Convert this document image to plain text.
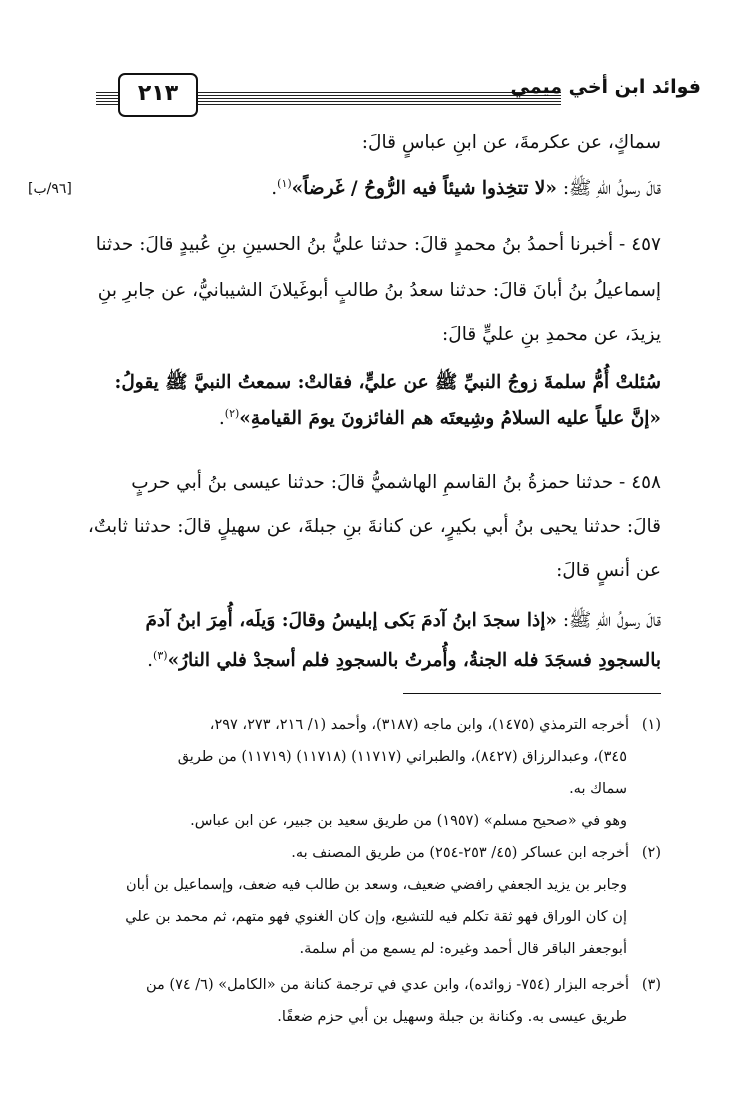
فوائد ابن أخي ميمي
٢١٣
[٩٦/ب]
سماكٍ، عن عكرمةَ، عن ابنِ عباسٍ قالَ:
قالَ رسولُ اللهِ ﷺ: «لا تتخِذوا شيئاً فيه الرُّوحُ / غَرضاً»$^{(١)}$.
٤٥٧ - أخبرنا أحمدُ بنُ محمدٍ قالَ: حدثنا عليُّ بنُ الحسينِ بنِ عُبيدٍ قالَ: حدثنا
إسماعيلُ بنُ أبانَ قالَ: حدثنا سعدُ بنُ طالبٍ أبوغَيلانَ الشيبانيُّ، عن جابرِ بنِ
يزيدَ، عن محمدِ بنِ عليٍّ قالَ:
سُئلتْ أُمُّ سلمةَ زوجُ النبيِّ ﷺ عن عليٍّ، فقالتْ: سمعتُ النبيَّ ﷺ يقولُ:
«إنَّ علياً عليه السلامُ وشِيعتَه هم الفائزونَ يومَ القيامةِ»$^{(٢)}$.
٤٥٨ - حدثنا حمزةُ بنُ القاسمِ الهاشميُّ قالَ: حدثنا عيسى بنُ أبي حربٍ
قالَ: حدثنا يحيى بنُ أبي بكيرٍ، عن كنانةَ بنِ جبلةَ، عن سهيلٍ قالَ: حدثنا ثابتٌ،
عن أنسٍ قالَ:
قالَ رسولُ اللهِ ﷺ: «إذا سجدَ ابنُ آدمَ بَكى إبليسُ وقالَ: وَيلَه، أُمِرَ ابنُ آدمَ
بالسجودِ فسجَدَ فله الجنةُ، وأُمرتُ بالسجودِ فلم أسجدْ فلي النارُ»$^{(٣)}$.
(١)أخرجه الترمذي (١٤٧٥)، وابن ماجه (٣١٨٧)، وأحمد (١/ ٢١٦، ٢٧٣، ٢٩٧،
٣٤٥)، وعبدالرزاق (٨٤٢٧)، والطبراني (١١٧١٧) (١١٧١٨) (١١٧١٩) من طريق
سماك به.
وهو في «صحيح مسلم» (١٩٥٧) من طريق سعيد بن جبير، عن ابن عباس.
(٢)أخرجه ابن عساكر (٤٥/ ٢٥٣-٢٥٤) من طريق المصنف به.
وجابر بن يزيد الجعفي رافضي ضعيف، وسعد بن طالب فيه ضعف، وإسماعيل بن أبان
إن كان الوراق فهو ثقة تكلم فيه للتشيع، وإن كان الغنوي فهو متهم، ثم محمد بن علي
أبوجعفر الباقر قال أحمد وغيره: لم يسمع من أم سلمة.
(٣)أخرجه البزار (٧٥٤- زوائده)، وابن عدي في ترجمة كنانة من «الكامل» (٦/ ٧٤) من
طريق عيسى به. وكنانة بن جبلة وسهيل بن أبي حزم ضعفًا.
